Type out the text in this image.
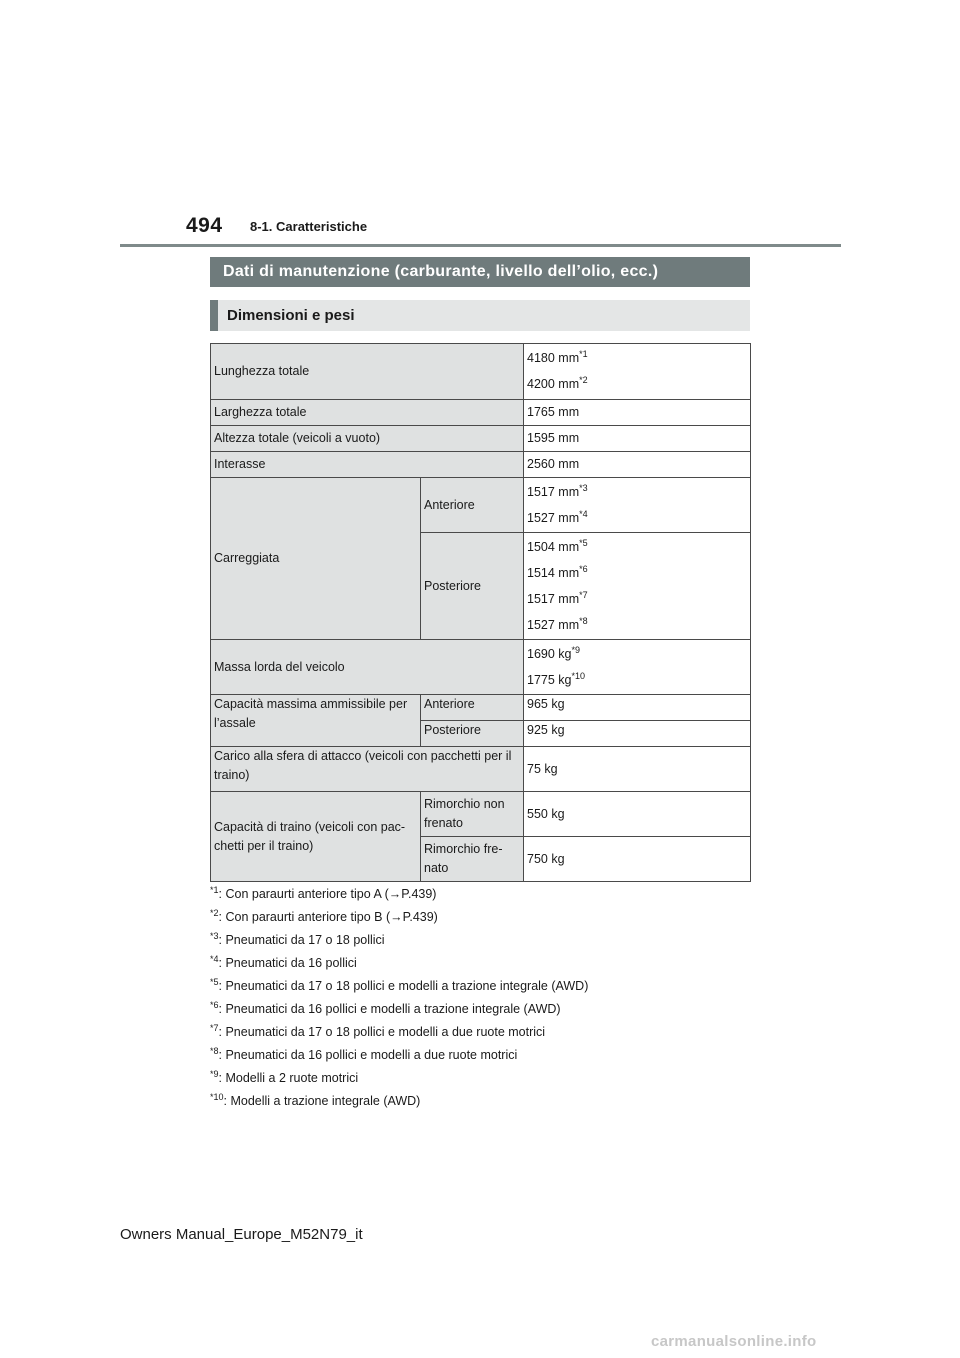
494 8-1. Caratteristiche
Dati di manutenzione (carburante, livello dell’olio, ecc.)
Dimensioni e pesi
Lunghezza totale		4180 $mm^{*1}$
4200 $mm^{*2}$

Larghezza totale		1765 mm
Altezza totale (veicoli a vuoto)		1595 mm
Interasse		2560 mm
Carreggiata	Anteriore	1517 $mm^{*3}$
1527 $mm^{*4}$

	Posteriore	1504 $mm^{*5}$
1514 $mm^{*6}$
1517 $mm^{*7}$
1527 $mm^{*8}$

Massa lorda del veicolo		1690 $kg^{*9}$
1775 $kg^{*10}$

Capacità massima ammissibile per l’assale	Anteriore	965 kg
	Posteriore	925 kg
Carico alla sfera di attacco (veicoli con pacchetti per il traino)		75 kg
Capacità di traino (veicoli con pac- chetti per il traino)	Rimorchio non frenato	550 kg
	Rimorchio fre- nato	750 kg
$^{*1}$: Con paraurti anteriore tipo A (→P.439)
$^{*2}$: Con paraurti anteriore tipo B (→P.439)
$^{*3}$: Pneumatici da 17 o 18 pollici
$^{*4}$: Pneumatici da 16 pollici
$^{*5}$: Pneumatici da 17 o 18 pollici e modelli a trazione integrale (AWD)
$^{*6}$: Pneumatici da 16 pollici e modelli a trazione integrale (AWD)
$^{*7}$: Pneumatici da 17 o 18 pollici e modelli a due ruote motrici
$^{*8}$: Pneumatici da 16 pollici e modelli a due ruote motrici
$^{*9}$: Modelli a 2 ruote motrici
$^{*10}$: Modelli a trazione integrale (AWD)
Owners Manual_Europe_M52N79_it
carmanualsonline.info
